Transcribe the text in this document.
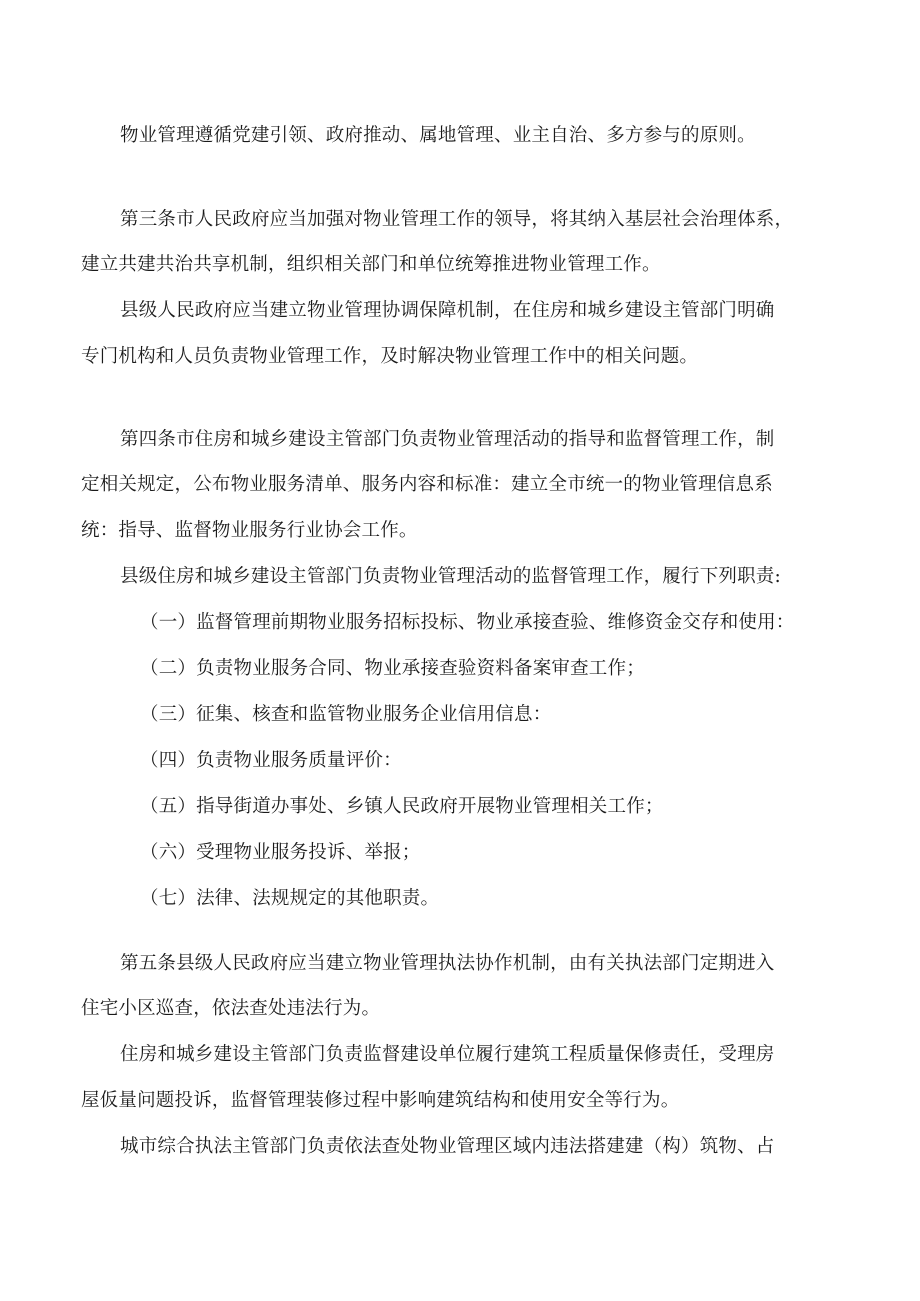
物业管理遵循党建引领、政府推动、属地管理、业主自治、多方参与的原则。
第三条市人民政府应当加强对物业管理工作的领导，将其纳入基层社会治理体系，
建立共建共治共享机制，组织相关部门和单位统筹推进物业管理工作。
县级人民政府应当建立物业管理协调保障机制，在住房和城乡建设主管部门明确
专门机构和人员负责物业管理工作，及时解决物业管理工作中的相关问题。
第四条市住房和城乡建设主管部门负责物业管理活动的指导和监督管理工作，制
定相关规定，公布物业服务清单、服务内容和标准：建立全市统一的物业管理信息系
统：指导、监督物业服务行业协会工作。
县级住房和城乡建设主管部门负责物业管理活动的监督管理工作，履行下列职责:
（一）监督管理前期物业服务招标投标、物业承接查验、维修资金交存和使用：
（二）负责物业服务合同、物业承接查验资料备案审查工作；
（三）征集、核查和监管物业服务企业信用信息：
（四）负责物业服务质量评价：
（五）指导街道办事处、乡镇人民政府开展物业管理相关工作；
（六）受理物业服务投诉、举报；
（七）法律、法规规定的其他职责。
第五条县级人民政府应当建立物业管理执法协作机制，由有关执法部门定期进入
住宅小区巡查，依法查处违法行为。
住房和城乡建设主管部门负责监督建设单位履行建筑工程质量保修责任，受理房
屋仮量问题投诉，监督管理装修过程中影响建筑结构和使用安全等行为。
城市综合执法主管部门负责依法查处物业管理区域内违法搭建建（构）筑物、占
